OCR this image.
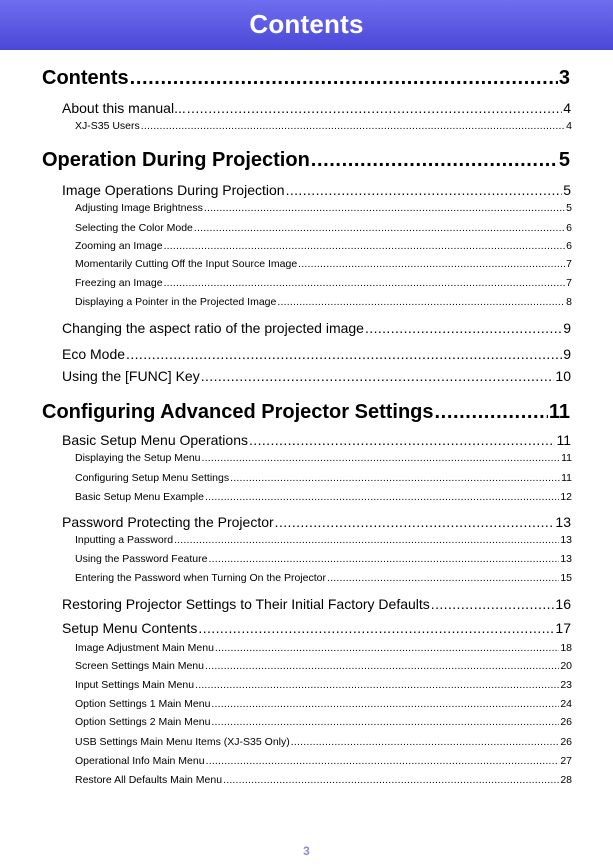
Contents
Contents .....	3
About this manual... .....	4
XJ-S35 Users .....	4
Operation During Projection .....	5
Image Operations During Projection .....	5
Adjusting Image Brightness .....	5
Selecting the Color Mode .....	6
Zooming an Image .....	6
Momentarily Cutting Off the Input Source Image .....	7
Freezing an Image .....	7
Displaying a Pointer in the Projected Image .....	8
Changing the aspect ratio of the projected image .....	9
Eco Mode .....	9
Using the [FUNC] Key .....	10
Configuring Advanced Projector Settings .....	11
Basic Setup Menu Operations .....	11
Displaying the Setup Menu .....	11
Configuring Setup Menu Settings .....	11
Basic Setup Menu Example .....	12
Password Protecting the Projector .....	13
Inputting a Password .....	13
Using the Password Feature .....	13
Entering the Password when Turning On the Projector .....	15
Restoring Projector Settings to Their Initial Factory Defaults .....	16
Setup Menu Contents .....	17
Image Adjustment Main Menu .....	18
Screen Settings Main Menu .....	20
Input Settings Main Menu .....	23
Option Settings 1 Main Menu .....	24
Option Settings 2 Main Menu .....	26
USB Settings Main Menu Items (XJ-S35 Only) .....	26
Operational Info Main Menu .....	27
Restore All Defaults Main Menu .....	28
3
